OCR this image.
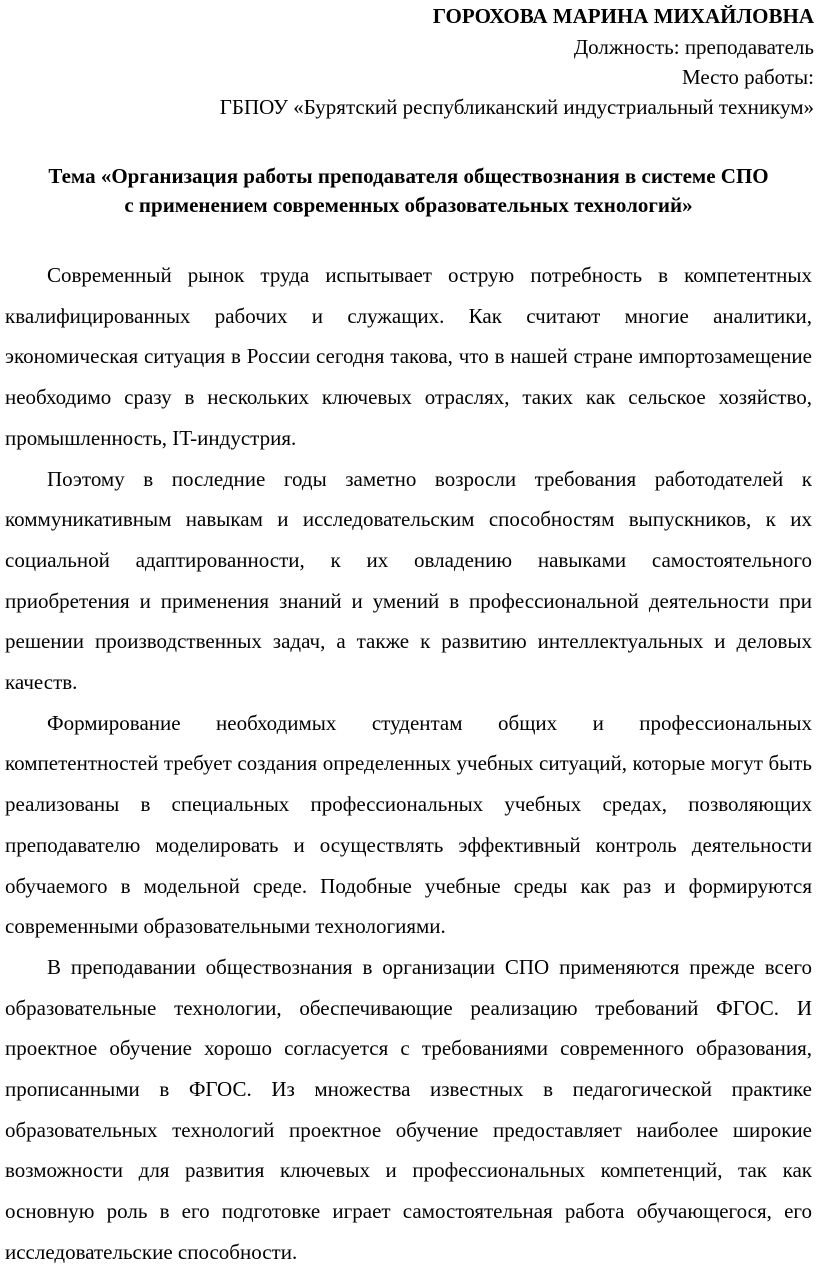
ГОРОХОВА МАРИНА МИХАЙЛОВНА
Должность: преподаватель
Место работы:
ГБПОУ «Бурятский республиканский индустриальный техникум»
Тема «Организация работы преподавателя обществознания в системе СПО
с применением современных образовательных технологий»

Современный рынок труда испытывает острую потребность в компетентных квалифицированных рабочих и служащих. Как считают многие аналитики, экономическая ситуация в России сегодня такова, что в нашей стране импортозамещение необходимо сразу в нескольких ключевых отраслях, таких как сельское хозяйство, промышленность, IT-индустрия.

Поэтому в последние годы заметно возросли требования работодателей к коммуникативным навыкам и исследовательским способностям выпускников, к их социальной адаптированности, к их овладению навыками самостоятельного приобретения и применения знаний и умений в профессиональной деятельности при решении производственных задач, а также к развитию интеллектуальных и деловых качеств.

Формирование необходимых студентам общих и профессиональных компетентностей требует создания определенных учебных ситуаций, которые могут быть реализованы в специальных профессиональных учебных средах, позволяющих преподавателю моделировать и осуществлять эффективный контроль деятельности обучаемого в модельной среде. Подобные учебные среды как раз и формируются современными образовательными технологиями.

В преподавании обществознания в организации СПО применяются прежде всего образовательные технологии, обеспечивающие реализацию требований ФГОС. И проектное обучение хорошо согласуется с требованиями современного образования, прописанными в ФГОС. Из множества известных в педагогической практике образовательных технологий проектное обучение предоставляет наиболее широкие возможности для развития ключевых и профессиональных компетенций, так как основную роль в его подготовке играет самостоятельная работа обучающегося, его исследовательские способности.
